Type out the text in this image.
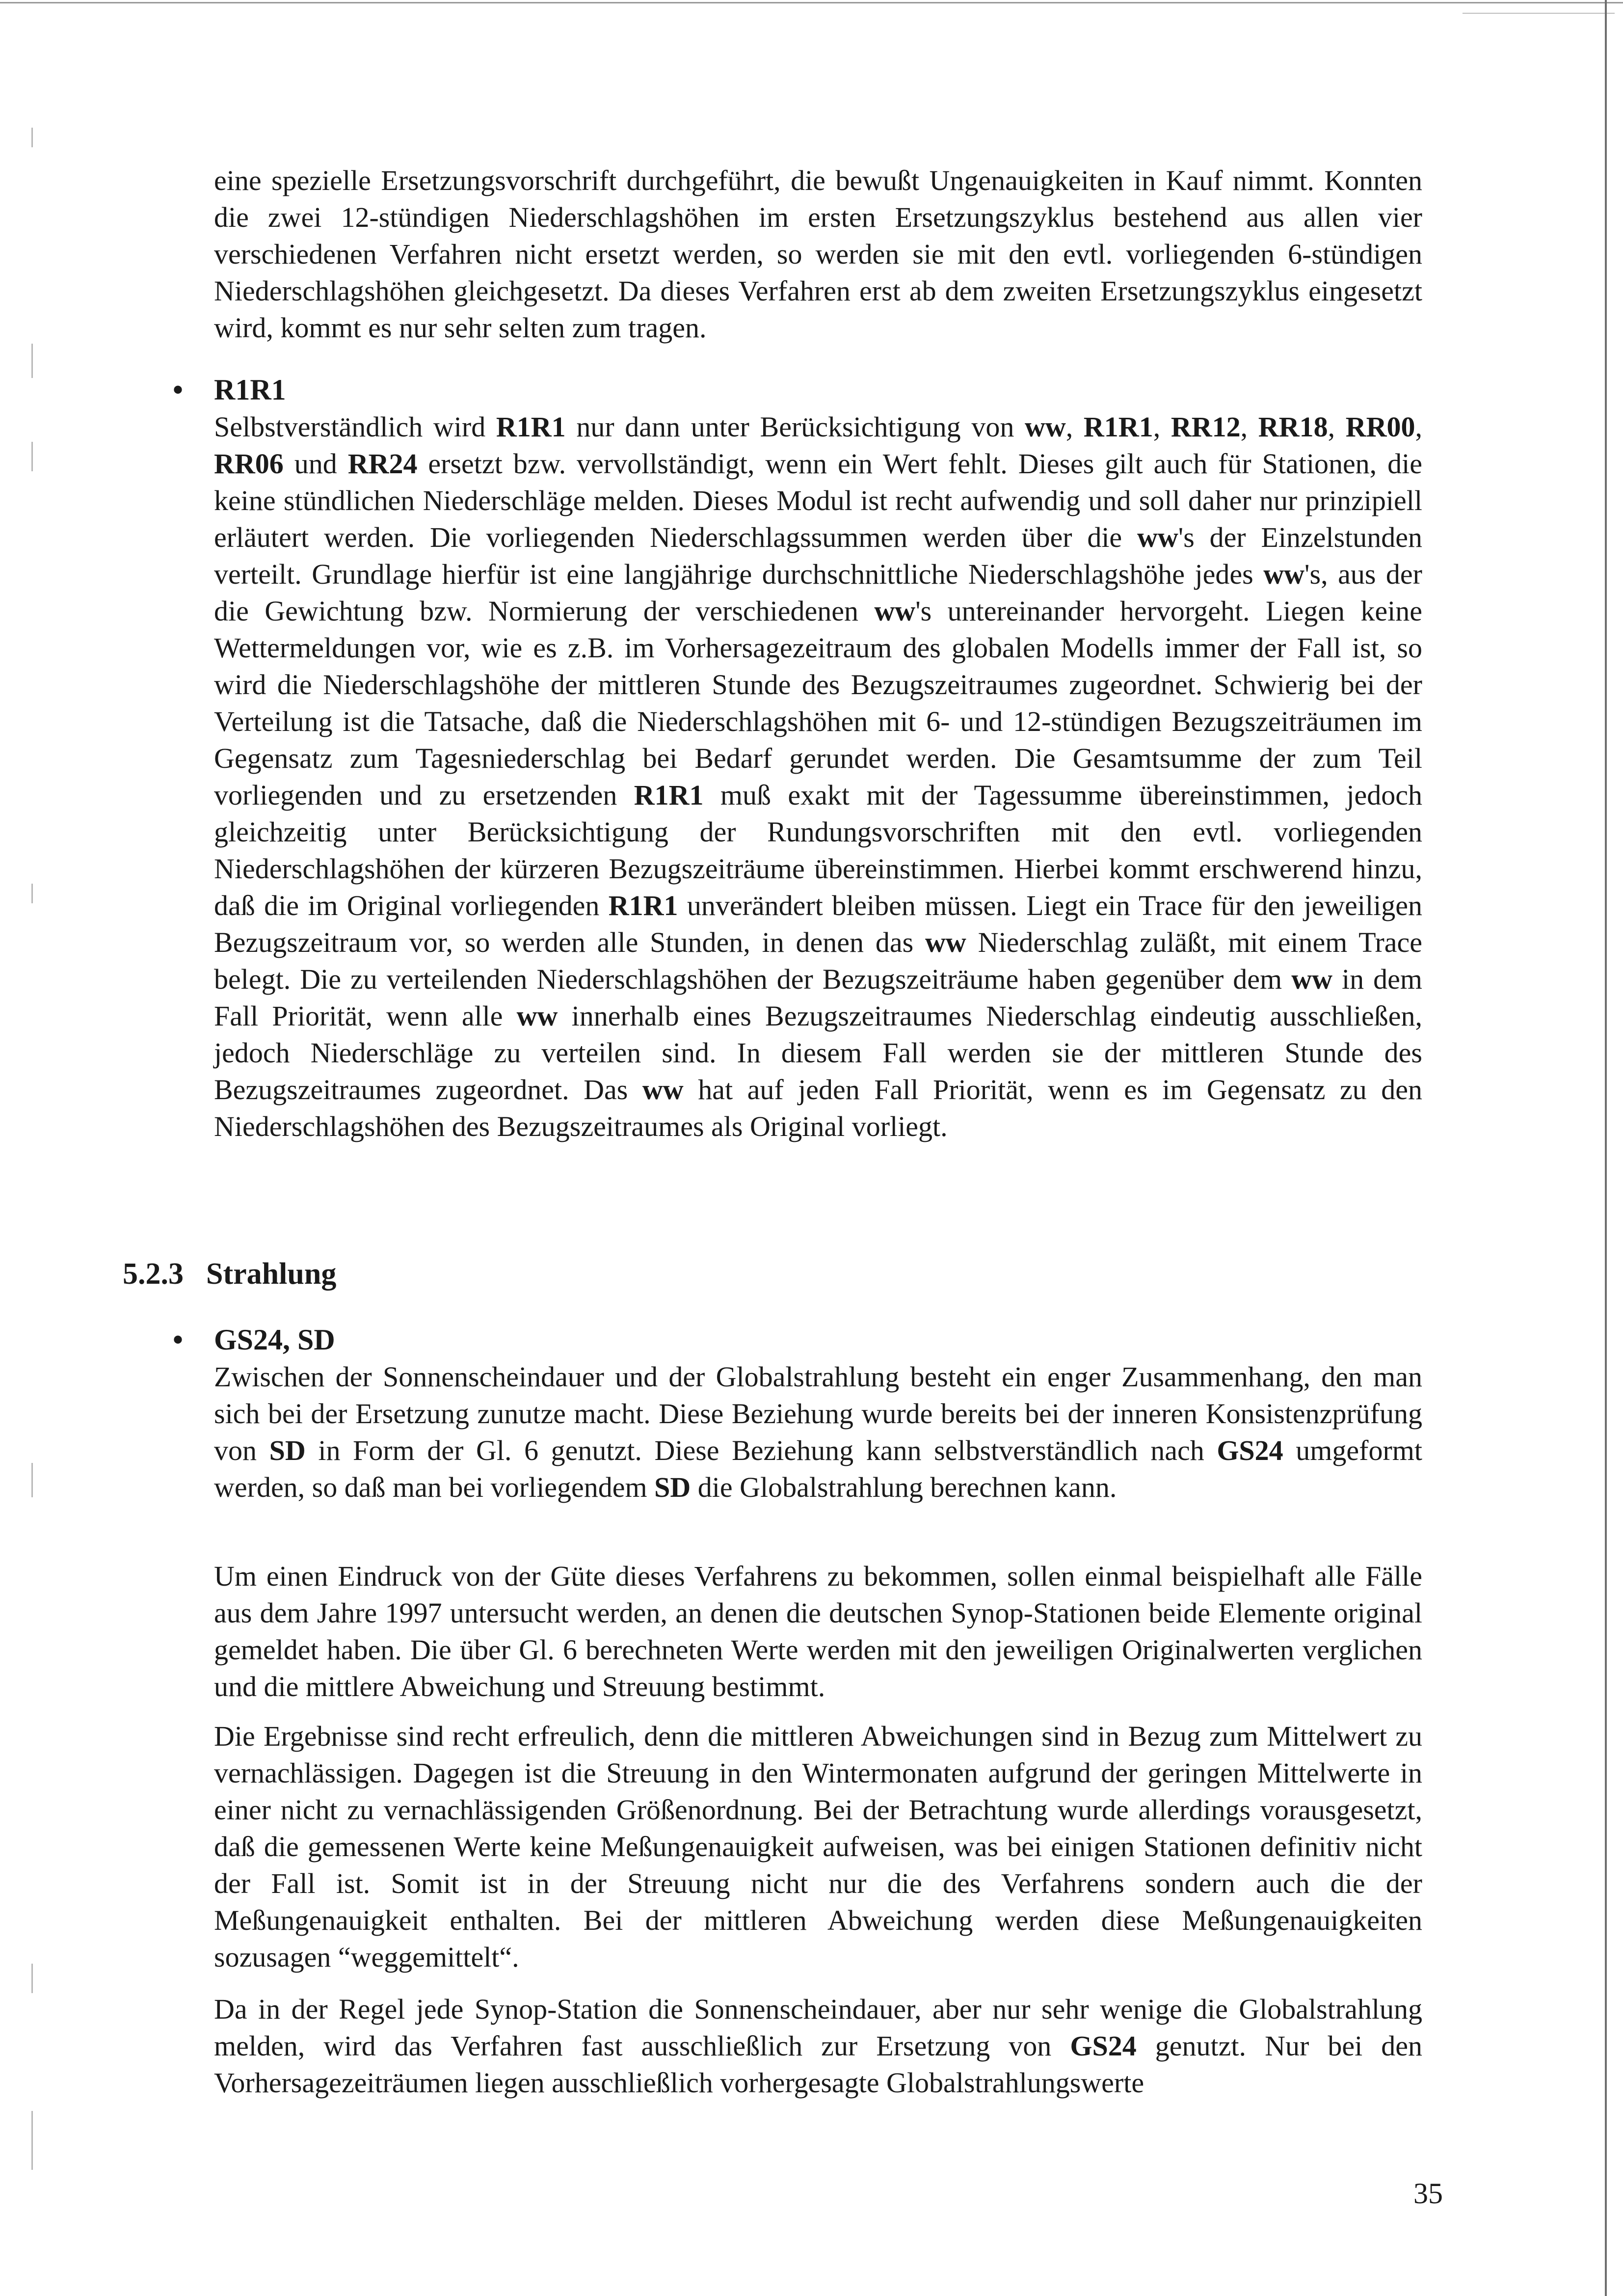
eine spezielle Ersetzungsvorschrift durchgeführt, die bewußt Ungenauigkeiten in Kauf nimmt. Konnten die zwei 12-stündigen Niederschlagshöhen im ersten Ersetzungszyklus bestehend aus allen vier verschiedenen Verfahren nicht ersetzt werden, so werden sie mit den evtl. vorliegenden 6-stündigen Niederschlagshöhen gleichgesetzt. Da dieses Verfahren erst ab dem zweiten Ersetzungszyklus eingesetzt wird, kommt es nur sehr selten zum tragen.

• R1R1

Selbstverständlich wird R1R1 nur dann unter Berücksichtigung von ww, R1R1, RR12, RR18, RR00, RR06 und RR24 ersetzt bzw. vervollständigt, wenn ein Wert fehlt. Dieses gilt auch für Stationen, die keine stündlichen Niederschläge melden. Dieses Modul ist recht aufwendig und soll daher nur prinzipiell erläutert werden. Die vorliegenden Niederschlagssummen werden über die ww's der Einzelstunden verteilt. Grundlage hierfür ist eine langjährige durchschnittliche Niederschlagshöhe jedes ww's, aus der die Gewichtung bzw. Normierung der verschiedenen ww's untereinander hervorgeht. Liegen keine Wettermeldungen vor, wie es z.B. im Vorhersagezeitraum des globalen Modells immer der Fall ist, so wird die Niederschlagshöhe der mittleren Stunde des Bezugszeitraumes zugeordnet. Schwierig bei der Verteilung ist die Tatsache, daß die Niederschlagshöhen mit 6- und 12-stündigen Bezugszeiträumen im Gegensatz zum Tagesniederschlag bei Bedarf gerundet werden. Die Gesamtsumme der zum Teil vorliegenden und zu ersetzenden R1R1 muß exakt mit der Tagessumme übereinstimmen, jedoch gleichzeitig unter Berücksichtigung der Rundungsvorschriften mit den evtl. vorliegenden Niederschlagshöhen der kürzeren Bezugszeiträume übereinstimmen. Hierbei kommt erschwerend hinzu, daß die im Original vorliegenden R1R1 unverändert bleiben müssen. Liegt ein Trace für den jeweiligen Bezugszeitraum vor, so werden alle Stunden, in denen das ww Niederschlag zuläßt, mit einem Trace belegt. Die zu verteilenden Niederschlagshöhen der Bezugszeiträume haben gegenüber dem ww in dem Fall Priorität, wenn alle ww innerhalb eines Bezugszeitraumes Niederschlag eindeutig ausschließen, jedoch Niederschläge zu verteilen sind. In diesem Fall werden sie der mittleren Stunde des Bezugszeitraumes zugeordnet. Das ww hat auf jeden Fall Priorität, wenn es im Gegensatz zu den Niederschlagshöhen des Bezugszeitraumes als Original vorliegt.

5.2.3 Strahlung

• GS24, SD

Zwischen der Sonnenscheindauer und der Globalstrahlung besteht ein enger Zusammenhang, den man sich bei der Ersetzung zunutze macht. Diese Beziehung wurde bereits bei der inneren Konsistenzprüfung von SD in Form der Gl. 6 genutzt. Diese Beziehung kann selbstverständlich nach GS24 umgeformt werden, so daß man bei vorliegendem SD die Globalstrahlung berechnen kann.

Um einen Eindruck von der Güte dieses Verfahrens zu bekommen, sollen einmal beispielhaft alle Fälle aus dem Jahre 1997 untersucht werden, an denen die deutschen Synop-Stationen beide Elemente original gemeldet haben. Die über Gl. 6 berechneten Werte werden mit den jeweiligen Originalwerten verglichen und die mittlere Abweichung und Streuung bestimmt.

Die Ergebnisse sind recht erfreulich, denn die mittleren Abweichungen sind in Bezug zum Mittelwert zu vernachlässigen. Dagegen ist die Streuung in den Wintermonaten aufgrund der geringen Mittelwerte in einer nicht zu vernachlässigenden Größenordnung. Bei der Betrachtung wurde allerdings vorausgesetzt, daß die gemessenen Werte keine Meßungenauigkeit aufweisen, was bei einigen Stationen definitiv nicht der Fall ist. Somit ist in der Streuung nicht nur die des Verfahrens sondern auch die der Meßungenauigkeit enthalten. Bei der mittleren Abweichung werden diese Meßungenauigkeiten sozusagen “weggemittelt“.

Da in der Regel jede Synop-Station die Sonnenscheindauer, aber nur sehr wenige die Globalstrahlung melden, wird das Verfahren fast ausschließlich zur Ersetzung von GS24 genutzt. Nur bei den Vorhersagezeiträumen liegen ausschließlich vorhergesagte Globalstrahlungswerte

35
